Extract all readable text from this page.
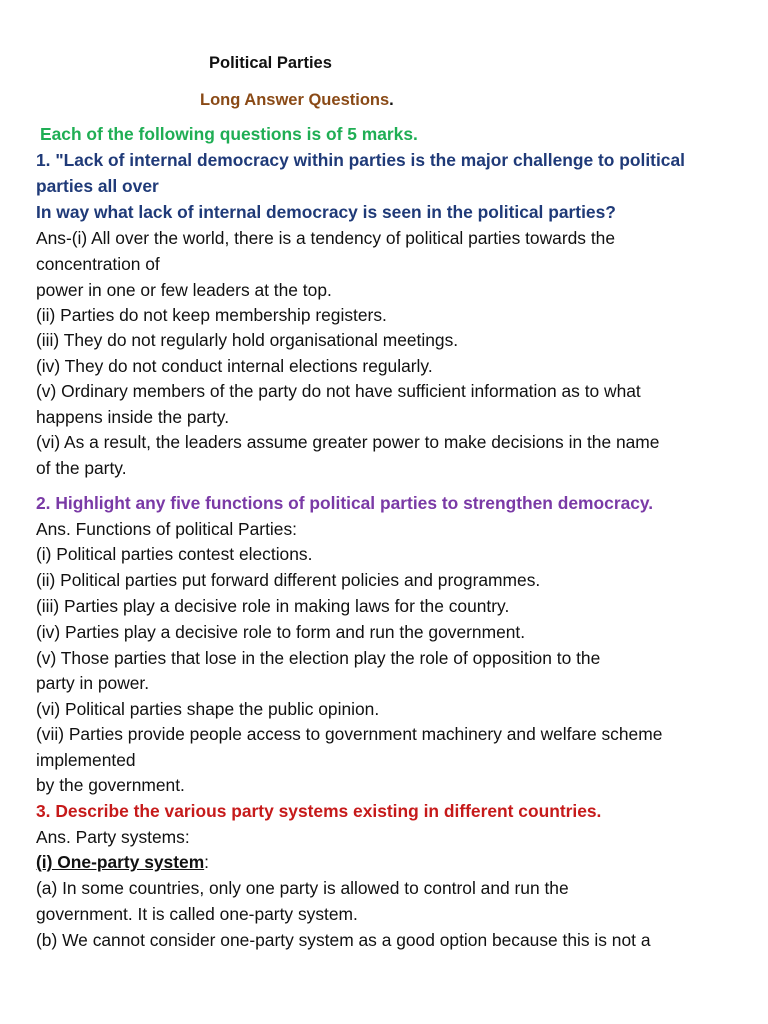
Political Parties
Long Answer Questions.
Each of the following questions is of 5 marks.
1. "Lack of internal democracy within parties is the major challenge to political
parties all over
In way what lack of internal democracy is seen in the political parties?
Ans-(i) All over the world, there is a tendency of political parties towards the
concentration of
power in one or few leaders at the top.
(ii) Parties do not keep membership registers.
(iii) They do not regularly hold organisational meetings.
(iv) They do not conduct internal elections regularly.
(v) Ordinary members of the party do not have sufficient information as to what
happens inside the party.
(vi) As a result, the leaders assume greater power to make decisions in the name
of the party.
2. Highlight any five functions of political parties to strengthen democracy.
Ans. Functions of political Parties:
(i) Political parties contest elections.
(ii) Political parties put forward different policies and programmes.
(iii) Parties play a decisive role in making laws for the country.
(iv) Parties play a decisive role to form and run the government.
(v) Those parties that lose in the election play the role of opposition to the
party in power.
(vi) Political parties shape the public opinion.
(vii) Parties provide people access to government machinery and welfare scheme
implemented
by the government.
3. Describe the various party systems existing in different countries.
Ans. Party systems:
(i) One-party system:
(a) In some countries, only one party is allowed to control and run the
government. It is called one-party system.
(b) We cannot consider one-party system as a good option because this is not a
